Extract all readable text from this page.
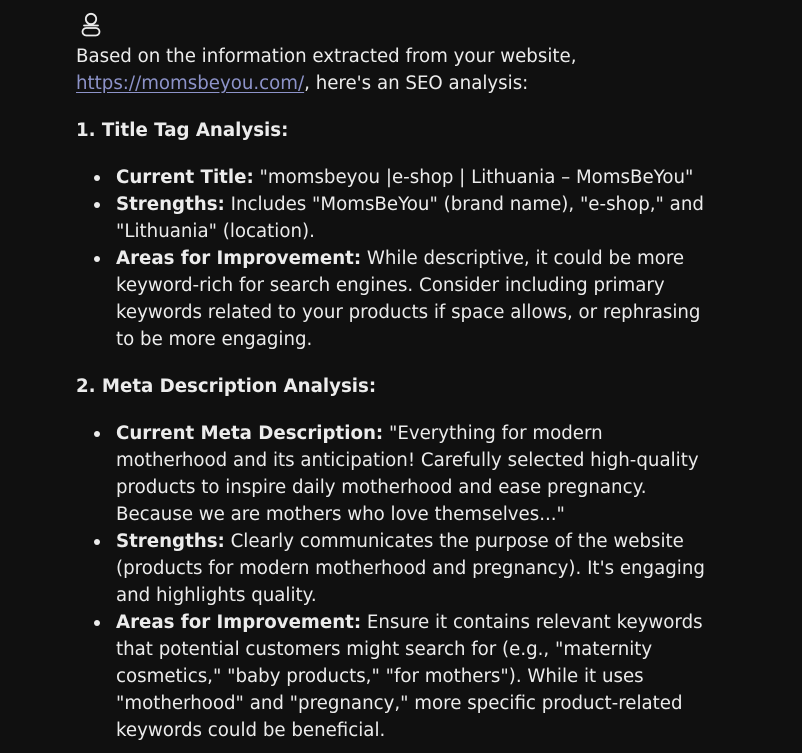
Based on the information extracted from your website,
https://momsbeyou.com/, here's an SEO analysis:

1. Title Tag Analysis:

Current Title: "momsbeyou |e-shop | Lithuania – MomsBeYou"
Strengths: Includes "MomsBeYou" (brand name), "e-shop," and "Lithuania" (location).
Areas for Improvement: While descriptive, it could be more keyword-rich for search engines. Consider including primary keywords related to your products if space allows, or rephrasing to be more engaging.

2. Meta Description Analysis:

Current Meta Description: "Everything for modern motherhood and its anticipation! Carefully selected high-quality products to inspire daily motherhood and ease pregnancy. Because we are mothers who love themselves..."
Strengths: Clearly communicates the purpose of the website (products for modern motherhood and pregnancy). It's engaging and highlights quality.
Areas for Improvement: Ensure it contains relevant keywords that potential customers might search for (e.g., "maternity cosmetics," "baby products," "for mothers"). While it uses "motherhood" and "pregnancy," more specific product-related keywords could be beneficial.
